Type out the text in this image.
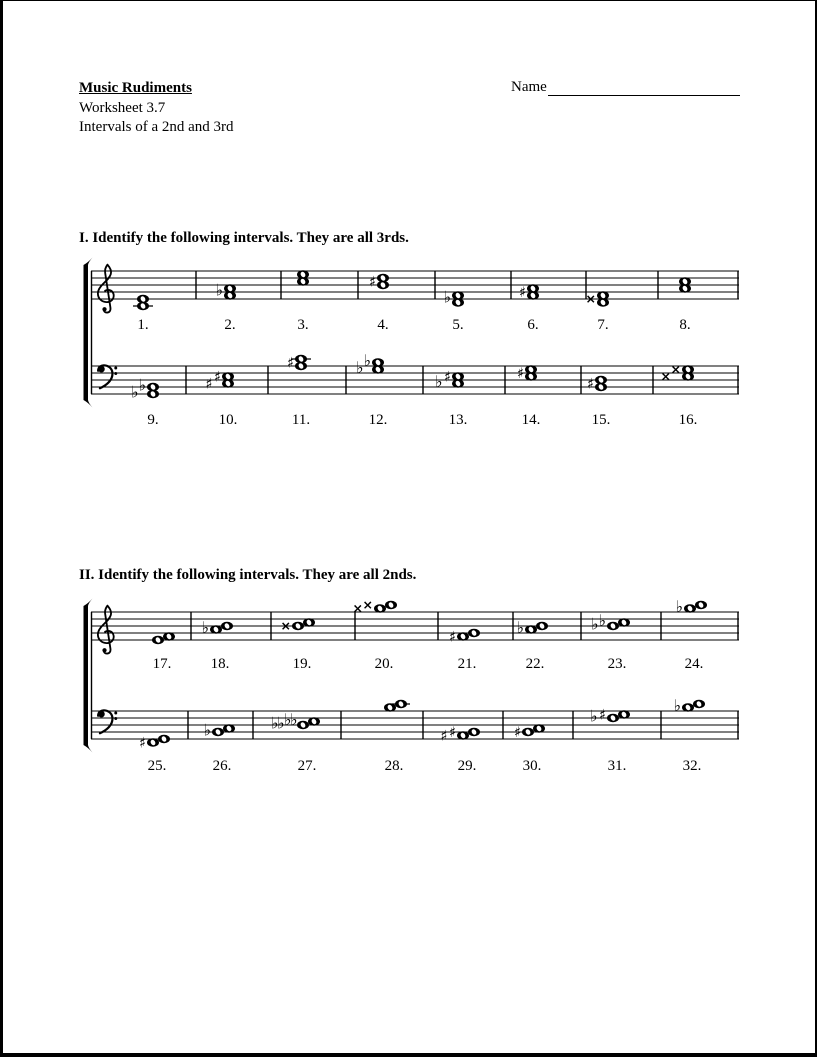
Music Rudiments
Worksheet 3.7
Intervals of a 2nd and 3rd
Name
I. Identify the following intervals. They are all 3rds.
1.
♭
2.	3.
♯
4.
♭
5.
♯
6.
×
7.	8.
♭
♭
9.
♯
♯
10.
♯
11.
♭
♭
12.
♯
♭
13.
♯
14.
♯
15.
×
×
16.
II. Identify the following intervals. They are all 2nds.
17.
♭
18.
×
19.
×
×
20.
♯
21.
♭
22.
♭
♭
23.
♭
24.
♯
25.
♭
26.
♭♭
♭♭
27.	28.
♯
♯
29.
♯
30.
♯
♭
31.
♭
32.
